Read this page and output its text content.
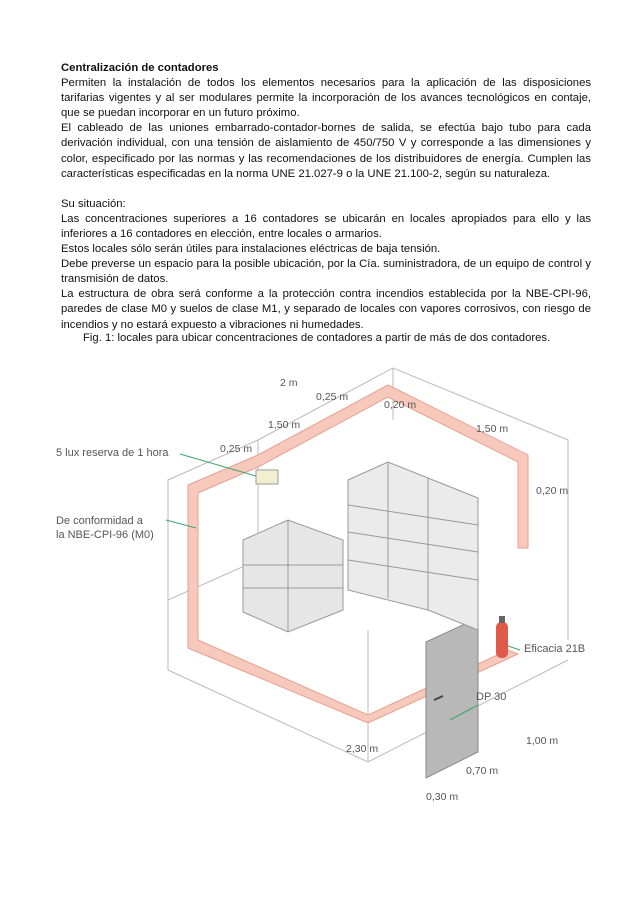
Centralización de contadores

Permiten la instalación de todos los elementos necesarios para la aplicación de las disposiciones tarifarias vigentes y al ser modulares permite la incorporación de los avances tecnológicos en contaje, que se puedan incorporar en un futuro próximo.

El cableado de las uniones embarrado-contador-bornes de salida, se efectúa bajo tubo para cada derivación individual, con una tensión de aislamiento de 450/750 V y corresponde a las dimensiones y color, especificado por las normas y las recomendaciones de los distribuidores de energía. Cumplen las características especificadas en la norma UNE 21.027-9 o la UNE 21.100-2, según su naturaleza.

Su situación:

Las concentraciones superiores a 16 contadores se ubicarán en locales apropiados para ello y las inferiores a 16 contadores en elección, entre locales o armarios.

Estos locales sólo serán útiles para instalaciones eléctricas de baja tensión.

Debe preverse un espacio para la posible ubicación, por la Cía. suministradora, de un equipo de control y transmisión de datos.

La estructura de obra será conforme a la protección contra incendios establecida por la NBE-CPI-96, paredes de clase M0 y suelos de clase M1, y separado de locales con vapores corrosivos, con riesgo de incendios y no estará expuesto a vibraciones ni humedades.

Fig. 1: locales para ubicar concentraciones de contadores a partir de más de dos contadores.
2 m
1,50 m
0,25 m
0,25 m
0,20 m
1,50 m
0,20 m
5 lux reserva de 1 hora
De conformidad a
la NBE-CPI-96 (M0)
Eficacia 21B
DP 30
2,30 m
1,00 m
0,70 m
0,30 m
